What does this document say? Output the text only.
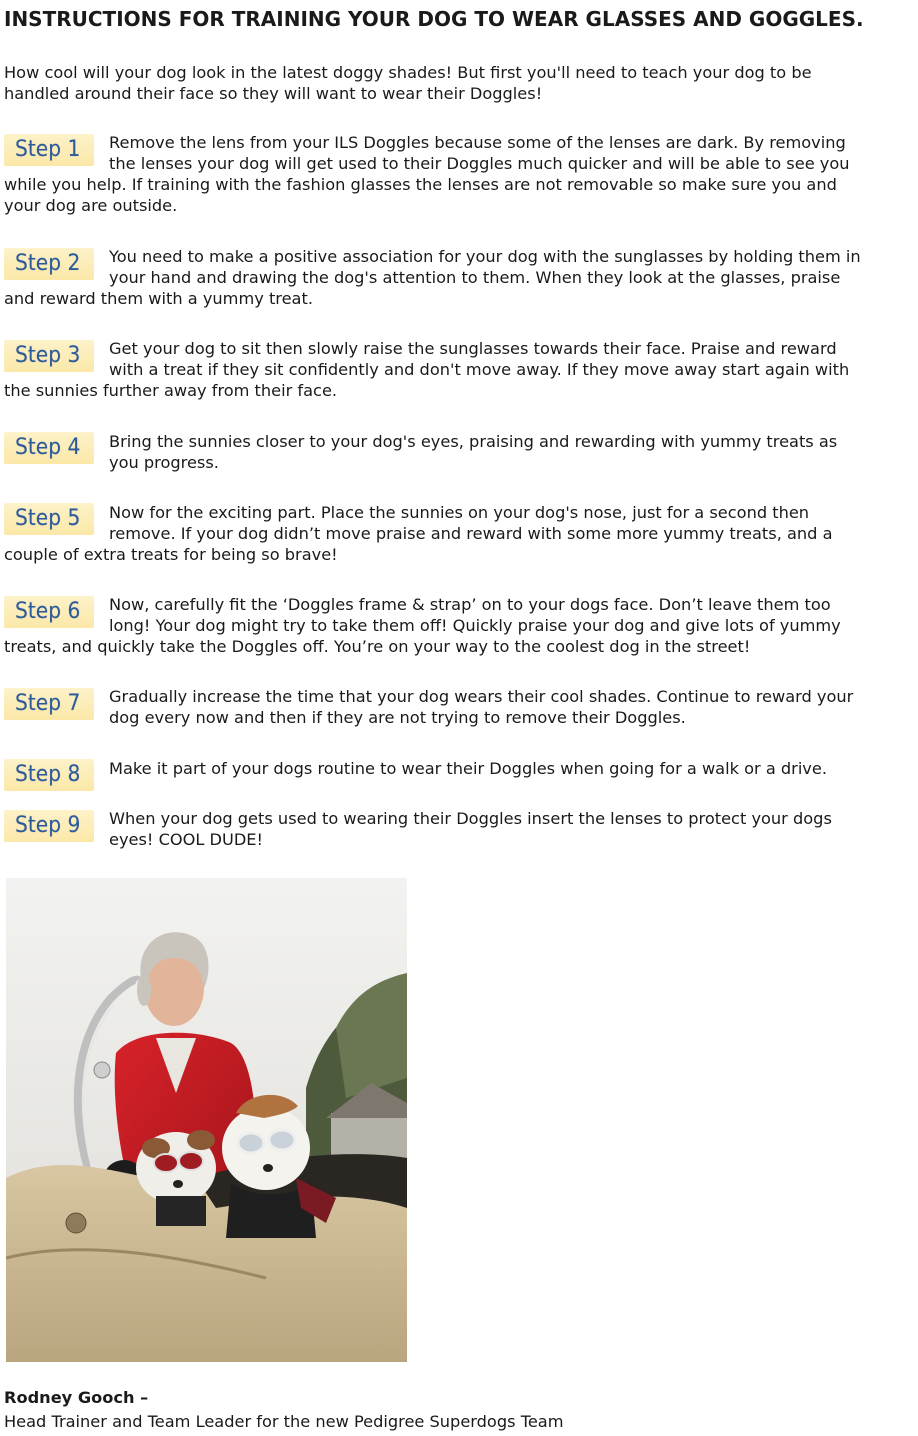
INSTRUCTIONS FOR TRAINING YOUR DOG TO WEAR GLASSES AND GOGGLES.

How cool will your dog look in the latest doggy shades! But first you'll need to teach your dog to be
handled around their face so they will want to wear their Doggles!

Step 1	Remove the lens from your ILS Doggles because some of the lenses are dark. By removing
the lenses your dog will get used to their Doggles much quicker and will be able to see you
while you help. If training with the fashion glasses the lenses are not removable so make sure you and
your dog are outside.

Step 2	You need to make a positive association for your dog with the sunglasses by holding them in
your hand and drawing the dog's attention to them. When they look at the glasses, praise
and reward them with a yummy treat.

Step 3	Get your dog to sit then slowly raise the sunglasses towards their face. Praise and reward
with a treat if they sit confidently and don't move away. If they move away start again with
the sunnies further away from their face.

Step 4	Bring the sunnies closer to your dog's eyes, praising and rewarding with yummy treats as
you progress.

Step 5	Now for the exciting part. Place the sunnies on your dog's nose, just for a second then
remove. If your dog didn’t move praise and reward with some more yummy treats, and a
couple of extra treats for being so brave!

Step 6	Now, carefully fit the ‘Doggles frame & strap’ on to your dogs face. Don’t leave them too
long! Your dog might try to take them off! Quickly praise your dog and give lots of yummy
treats, and quickly take the Doggles off. You’re on your way to the coolest dog in the street!

Step 7	Gradually increase the time that your dog wears their cool shades. Continue to reward your
dog every now and then if they are not trying to remove their Doggles.

Step 8	Make it part of your dogs routine to wear their Doggles when going for a walk or a drive.

Step 9	When your dog gets used to wearing their Doggles insert the lenses to protect your dogs
eyes! COOL DUDE!

Rodney Gooch –

Head Trainer and Team Leader for the new Pedigree Superdogs Team
